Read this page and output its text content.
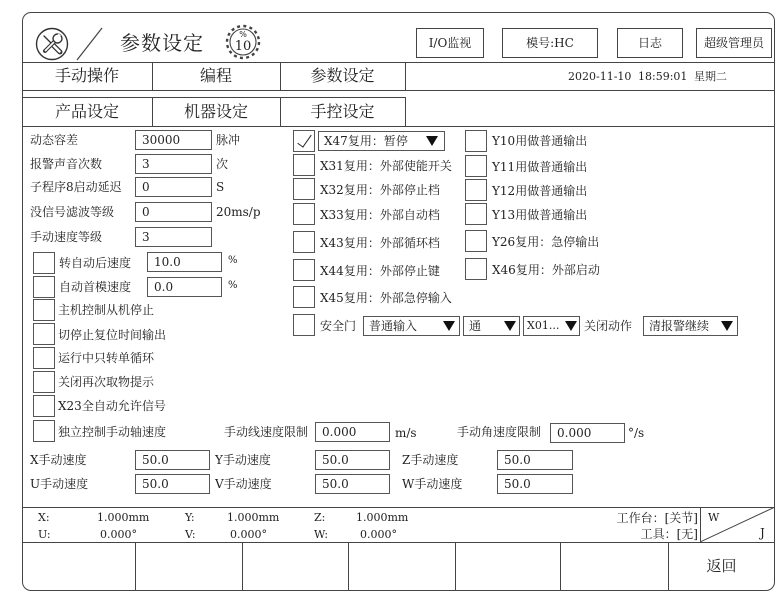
参数设定	%
10	I/O监视	模号:HC	日志	超级管理员
手动操作	编程	参数设定	2020-11-10 18:59:01 星期二
产品设定	机器设定	手控设定
动态容差	30000	脉冲
报警声音次数	3	次
子程序8启动延迟	0	S
没信号滤波等级	0	20ms/p
手动速度等级	3
转自动后速度	10.0	%
自动首模速度	0.0	%
主机控制从机停止
切停止复位时间输出
运行中只转单循环
关闭再次取物提示
X23全自动允许信号
独立控制手动轴速度	手动线速度限制	0.000	m/s	手动角速度限制	0.000	°/s
X手动速度	50.0	Y手动速度	50.0	Z手动速度	50.0
U手动速度	50.0	V手动速度	50.0	W手动速度	50.0
X47复用：暂停
X31复用：外部使能开关
X32复用：外部停止档
X33复用：外部自动档
X43复用：外部循环档
X44复用：外部停止键
X45复用：外部急停输入
安全门	普通输入	通	X01...	关闭动作	清报警继续
Y10用做普通输出
Y11用做普通输出
Y12用做普通输出
Y13用做普通输出
Y26复用：急停输出
X46复用：外部启动
X:	1.000mm	Y:	1.000mm	Z:	1.000mm
U:	0.000°	V:	0.000°	W:	0.000°
工作台：[关节]
工具：[无]
W
J
返回
